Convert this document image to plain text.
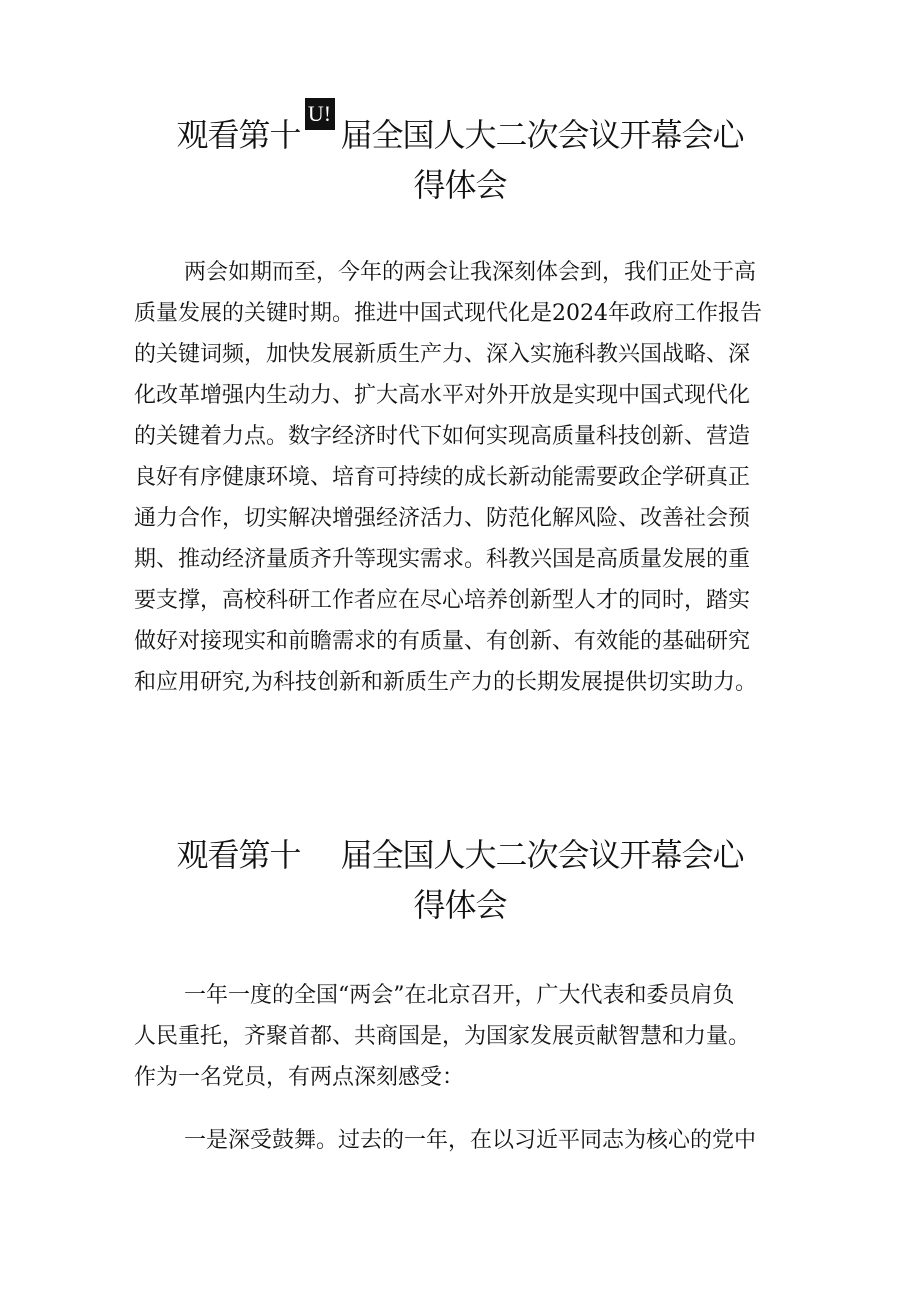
观看第十
U!
届全国人大二次会议开幕会心
得体会
两会如期而至，今年的两会让我深刻体会到，我们正处于高
质量发展的关键时期。推进中国式现代化是2024年政府工作报告
的关键词频，加快发展新质生产力、深入实施科教兴国战略、深
化改革增强内生动力、扩大高水平对外开放是实现中国式现代化
的关键着力点。数字经济时代下如何实现高质量科技创新、营造
良好有序健康环境、培育可持续的成长新动能需要政企学研真正
通力合作，切实解决增强经济活力、防范化解风险、改善社会预
期、推动经济量质齐升等现实需求。科教兴国是高质量发展的重
要支撑，高校科研工作者应在尽心培养创新型人才的同时，踏实
做好对接现实和前瞻需求的有质量、有创新、有效能的基础研究
和应用研究,为科技创新和新质生产力的长期发展提供切实助力。
观看第十 届全国人大二次会议开幕会心
得体会
一年一度的全国“两会”在北京召开，广大代表和委员肩负
人民重托，齐聚首都、共商国是，为国家发展贡献智慧和力量。
作为一名党员，有两点深刻感受：
一是深受鼓舞。过去的一年，在以习近平同志为核心的党中
